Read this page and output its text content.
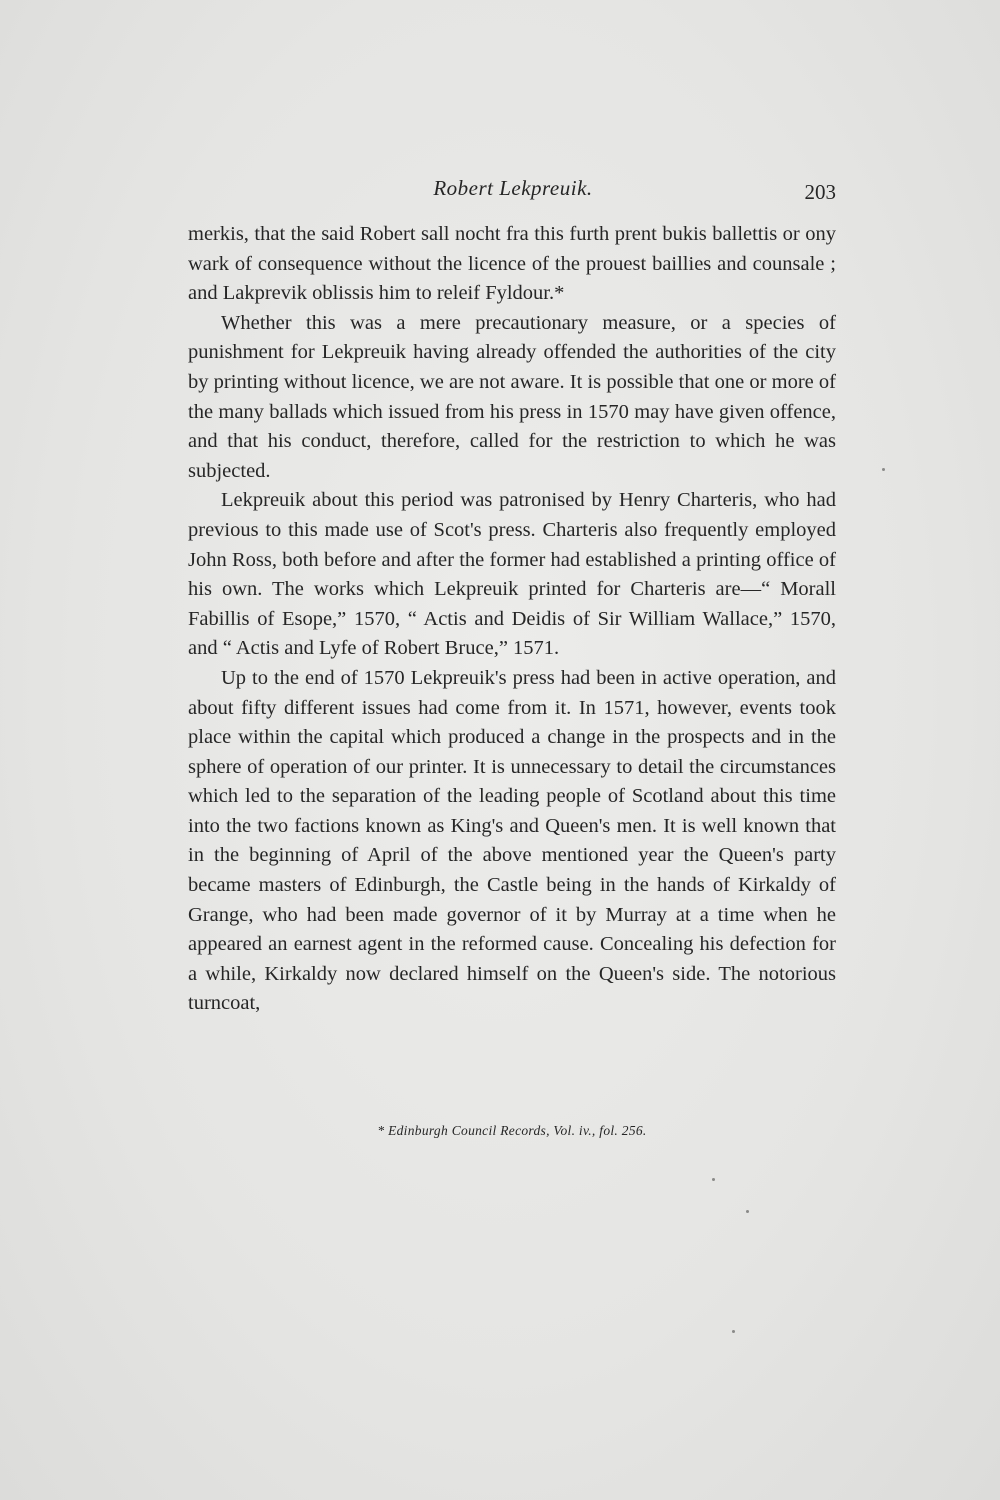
Robert Lekpreuik.	203

merkis, that the said Robert sall nocht fra this furth prent bukis ballettis or ony wark of consequence without the licence of the prouest baillies and counsale ; and Lakprevik oblissis him to releif Fyldour.*

Whether this was a mere precautionary measure, or a species of punishment for Lekpreuik having already offended the authorities of the city by printing without licence, we are not aware. It is possible that one or more of the many ballads which issued from his press in 1570 may have given offence, and that his conduct, therefore, called for the restriction to which he was subjected.

Lekpreuik about this period was patronised by Henry Charteris, who had previous to this made use of Scot's press. Charteris also frequently employed John Ross, both before and after the former had established a printing office of his own. The works which Lekpreuik printed for Charteris are—“ Morall Fabillis of Esope,” 1570, “ Actis and Deidis of Sir William Wallace,” 1570, and “ Actis and Lyfe of Robert Bruce,” 1571.

Up to the end of 1570 Lekpreuik's press had been in active operation, and about fifty different issues had come from it. In 1571, however, events took place within the capital which produced a change in the prospects and in the sphere of operation of our printer. It is unnecessary to detail the circumstances which led to the separation of the leading people of Scotland about this time into the two factions known as King's and Queen's men. It is well known that in the beginning of April of the above mentioned year the Queen's party became masters of Edinburgh, the Castle being in the hands of Kirkaldy of Grange, who had been made governor of it by Murray at a time when he appeared an earnest agent in the reformed cause. Concealing his defection for a while, Kirkaldy now declared himself on the Queen's side. The notorious turncoat,

* Edinburgh Council Records, Vol. iv., fol. 256.
